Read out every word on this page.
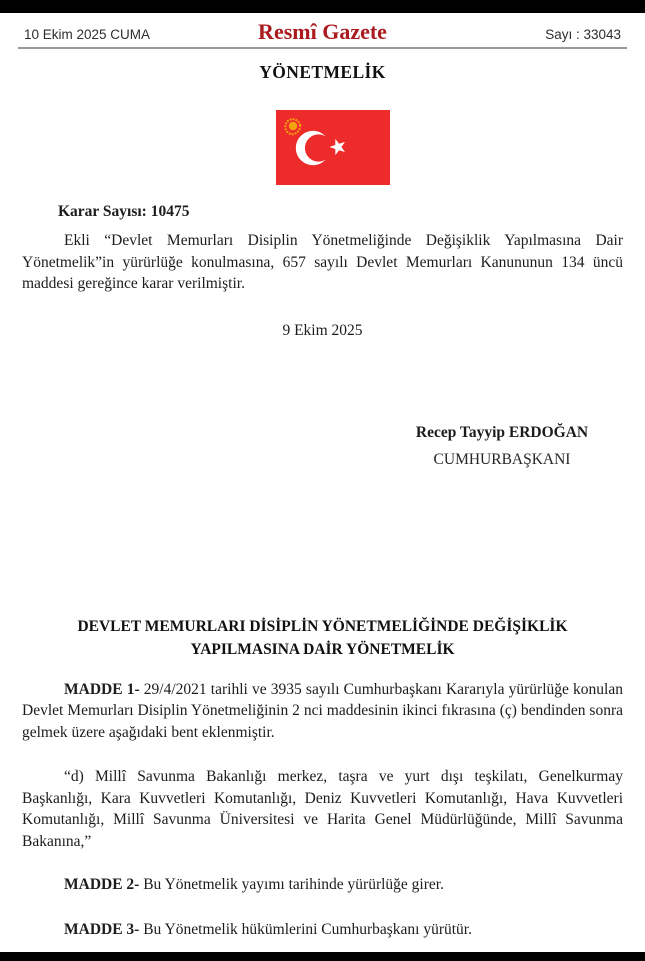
10 Ekim 2025 CUMA	Resmî Gazete	Sayı : 33043
YÖNETMELİK

Karar Sayısı: 10475

Ekli “Devlet Memurları Disiplin Yönetmeliğinde Değişiklik Yapılmasına Dair Yönetmelik”in yürürlüğe konulmasına, 657 sayılı Devlet Memurları Kanununun 134 üncü maddesi gereğince karar verilmiştir.

9 Ekim 2025

Recep Tayyip ERDOĞAN
CUMHURBAŞKANI
DEVLET MEMURLARI DİSİPLİN YÖNETMELİĞİNDE DEĞİŞİKLİK
YAPILMASINA DAİR YÖNETMELİK

MADDE 1- 29/4/2021 tarihli ve 3935 sayılı Cumhurbaşkanı Kararıyla yürürlüğe konulan Devlet Memurları Disiplin Yönetmeliğinin 2 nci maddesinin ikinci fıkrasına (ç) bendinden sonra gelmek üzere aşağıdaki bent eklenmiştir.

“d) Millî Savunma Bakanlığı merkez, taşra ve yurt dışı teşkilatı, Genelkurmay Başkanlığı, Kara Kuvvetleri Komutanlığı, Deniz Kuvvetleri Komutanlığı, Hava Kuvvetleri Komutanlığı, Millî Savunma Üniversitesi ve Harita Genel Müdürlüğünde, Millî Savunma Bakanına,”

MADDE 2- Bu Yönetmelik yayımı tarihinde yürürlüğe girer.

MADDE 3- Bu Yönetmelik hükümlerini Cumhurbaşkanı yürütür.
